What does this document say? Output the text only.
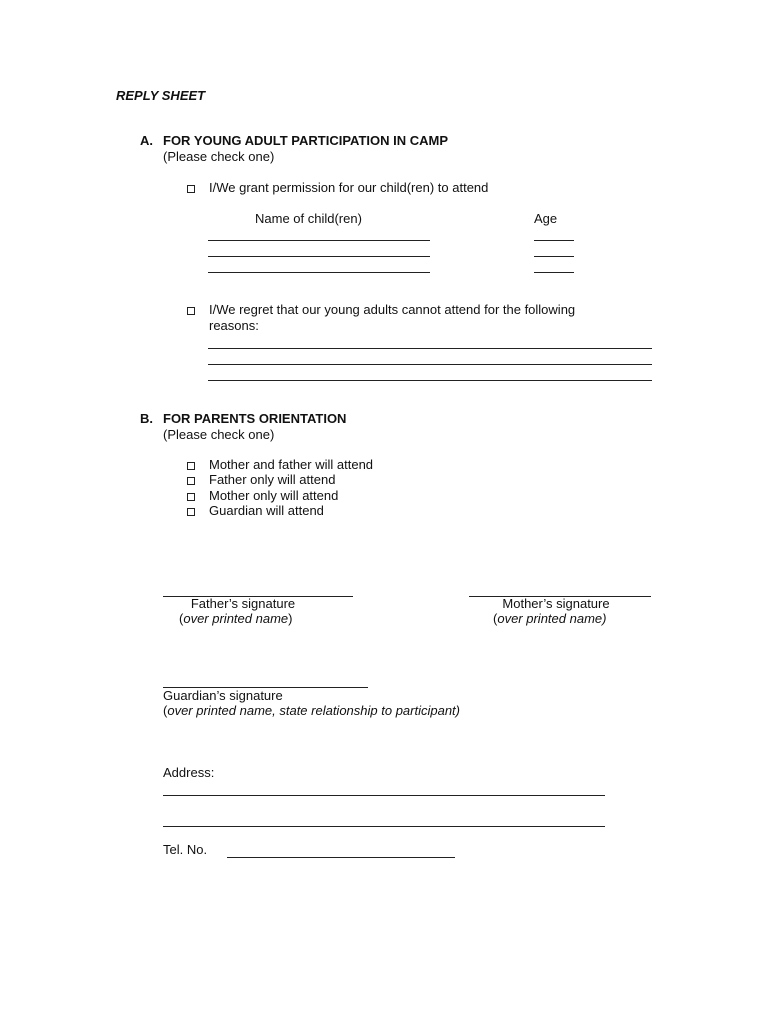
REPLY SHEET
A. FOR YOUNG ADULT PARTICIPATION IN CAMP
(Please check one)
I/We grant permission for our child(ren) to attend
Name of child(ren)	Age
I/We regret that our young adults cannot attend for the following
reasons:
B. FOR PARENTS ORIENTATION
(Please check one)
Mother and father will attend
Father only will attend
Mother only will attend
Guardian will attend
Father’s signature
(over printed name)
Mother’s signature
(over printed name)
Guardian’s signature
(over printed name, state relationship to participant)
Address:
Tel. No.
